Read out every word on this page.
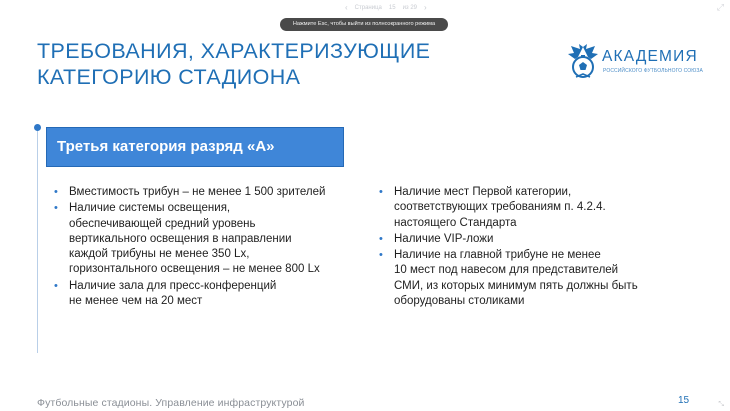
‹ Страница 15 из 29 ›	⤢
Нажмите Esc, чтобы выйти из полноэкранного режима
ТРЕБОВАНИЯ, ХАРАКТЕРИЗУЮЩИЕ
КАТЕГОРИЮ СТАДИОНА
АКАДЕМИЯ
РОССИЙСКОГО ФУТБОЛЬНОГО СОЮЗА
Третья категория разряд «А»
• Вместимость трибун – не менее 1 500 зрителей
• Наличие системы освещения,
обеспечивающей средний уровень
вертикального освещения в направлении
каждой трибуны не менее 350 Lx,
горизонтального освещения – не менее 800 Lx
• Наличие зала для пресс-конференций
не менее чем на 20 мест
• Наличие мест Первой категории,
соответствующих требованиям п. 4.2.4.
настоящего Стандарта
• Наличие VIP-ложи
• Наличие на главной трибуне не менее
10 мест под навесом для представителей
СМИ, из которых минимум пять должны быть
оборудованы столиками
Футбольные стадионы. Управление инфраструктурой	15	⤡
